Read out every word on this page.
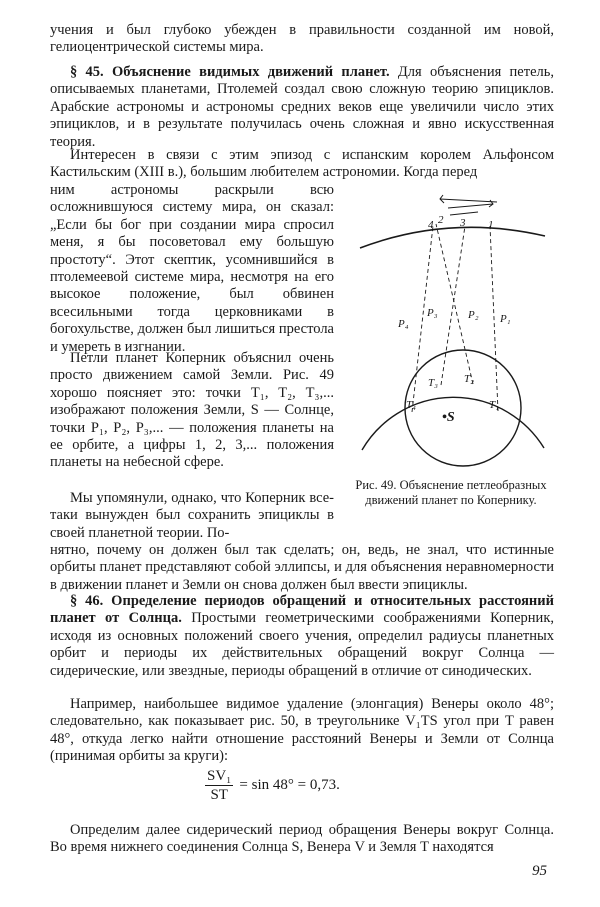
учения и был глубоко убежден в правильности созданной им новой, гелиоцентрической системы мира.

§ 45. Объяснение видимых движений планет. Для объяснения петель, описываемых планетами, Птолемей создал свою сложную теорию эпициклов. Арабские астрономы и астрономы средних веков еще увеличили число этих эпициклов, и в результате получилась очень сложная и явно искусственная теория.

Интересен в связи с этим эпизод с испанским королем Альфонсом Кастильским (XIII в.), большим любителем астрономии. Когда перед

ним астрономы раскрыли всю осложнившуюся систему мира, он сказал: „Если бы бог при создании мира спросил меня, я бы посоветовал ему большую простоту“. Этот скептик, усомнившийся в птолемеевой системе мира, несмотря на его высокое положение, был обвинен всесильными тогда церковниками в богохульстве, должен был лишиться престола и умереть в изгнании.

Петли планет Коперник объяснил очень просто движением самой Земли. Рис. 49 хорошо поясняет это: точки T₁, T₂, T₃,... изображают положения Земли, S — Солнце, точки P₁, P₂, P₃,... — положения планеты на ее орбите, а цифры 1, 2, 3,... положения планеты на небесной сфере.

Мы упомянули, однако, что Коперник все-таки вынужден был сохранить эпициклы в своей планетной теории. По-

нятно, почему он должен был так сделать; он, ведь, не знал, что истинные орбиты планет представляют собой эллипсы, и для объяснения неравномерности в движении планет и Земли он снова должен был ввести эпициклы.

§ 46. Определение периодов обращений и относительных расстояний планет от Солнца. Простыми геометрическими соображениями Коперник, исходя из основных положений своего учения, определил радиусы планетных орбит и периоды их действительных обращений вокруг Солнца — сидерические, или звездные, периоды обращений в отличие от синодических.

Например, наибольшее видимое удаление (элонгация) Венеры около 48°; следовательно, как показывает рис. 50, в треугольнике V₁TS угол при T равен 48°, откуда легко найти отношение расстояний Венеры и Земли от Солнца (принимая орбиты за круги):

$\frac{\text{SV₁}}{ST} = \sin 48^\circ = 0,73$.

Определим далее сидерический период обращения Венеры вокруг Солнца. Во время нижнего соединения Солнца S, Венера V и Земля T находятся

4 2 3 1
P₄
P₃	P₂ P₁
T₃ T₂
T₄	T₁
•S
Рис. 49. Объяснение петлеобразных движений планет по Копернику.
95
